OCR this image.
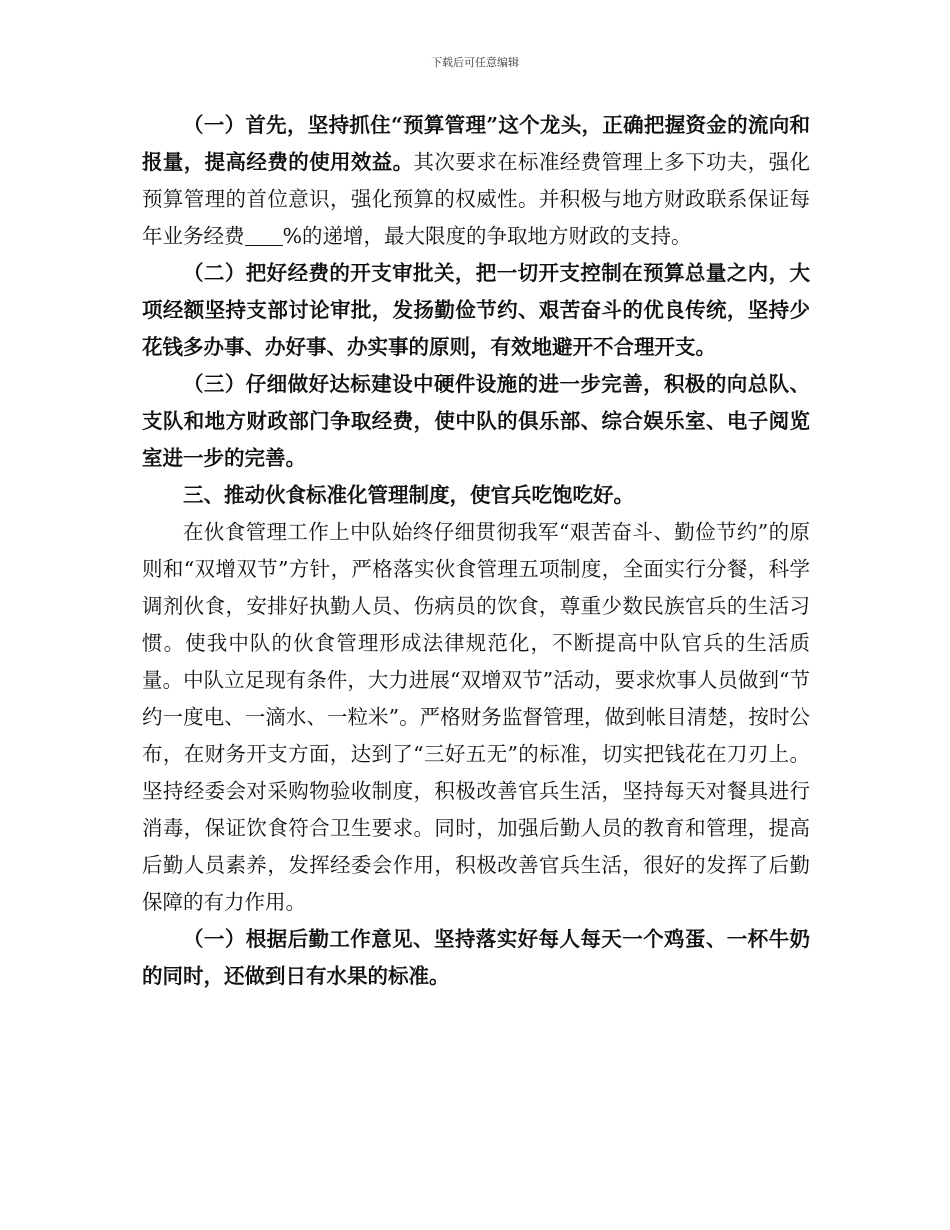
下载后可任意编辑

（一）首先，坚持抓住“预算管理”这个龙头，正确把握资金的流向和报量，提高经费的使用效益。其次要求在标准经费管理上多下功夫，强化预算管理的首位意识，强化预算的权威性。并积极与地方财政联系保证每年业务经费 %的递增，最大限度的争取地方财政的支持。

（二）把好经费的开支审批关，把一切开支控制在预算总量之内，大项经额坚持支部讨论审批，发扬勤俭节约、艰苦奋斗的优良传统，坚持少花钱多办事、办好事、办实事的原则，有效地避开不合理开支。

（三）仔细做好达标建设中硬件设施的进一步完善，积极的向总队、支队和地方财政部门争取经费，使中队的俱乐部、综合娱乐室、电子阅览室进一步的完善。

三、推动伙食标准化管理制度，使官兵吃饱吃好。

在伙食管理工作上中队始终仔细贯彻我军“艰苦奋斗、勤俭节约”的原则和“双增双节”方针，严格落实伙食管理五项制度，全面实行分餐，科学调剂伙食，安排好执勤人员、伤病员的饮食，尊重少数民族官兵的生活习惯。使我中队的伙食管理形成法律规范化，不断提高中队官兵的生活质量。中队立足现有条件，大力进展“双增双节”活动，要求炊事人员做到“节约一度电、一滴水、一粒米”。严格财务监督管理，做到帐目清楚，按时公布，在财务开支方面，达到了“三好五无”的标准，切实把钱花在刀刃上。坚持经委会对采购物验收制度，积极改善官兵生活，坚持每天对餐具进行消毒，保证饮食符合卫生要求。同时，加强后勤人员的教育和管理，提高后勤人员素养，发挥经委会作用，积极改善官兵生活，很好的发挥了后勤保障的有力作用。

（一）根据后勤工作意见、坚持落实好每人每天一个鸡蛋、一杯牛奶的同时，还做到日有水果的标准。
